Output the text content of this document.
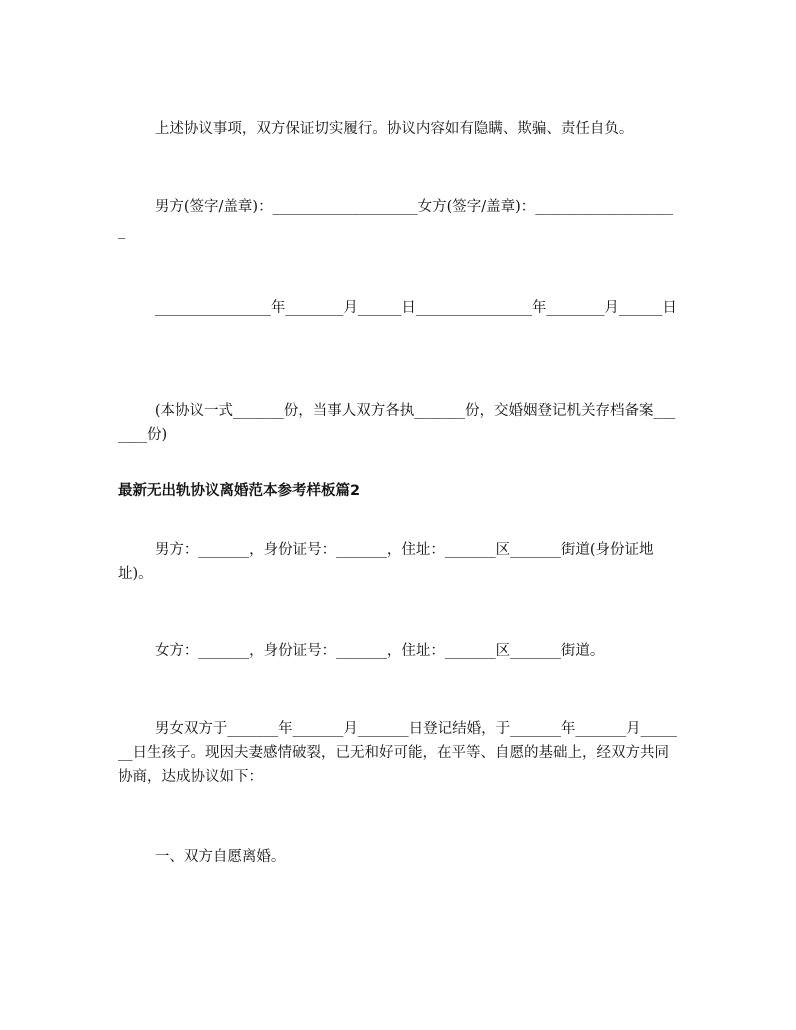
上述协议事项，双方保证切实履行。协议内容如有隐瞒、欺骗、责任自负。
男方(签字/盖章)：____________________女方(签字/盖章)：____________________
________________年________月______日________________年________月______日
(本协议一式_______份，当事人双方各执_______份，交婚姻登记机关存档备案_______份)
最新无出轨协议离婚范本参考样板篇2
男方：_______，身份证号：_______，住址：_______区_______街道(身份证地址)。
女方：_______，身份证号：_______，住址：_______区_______街道。
男女双方于_______年_______月_______日登记结婚，于_______年_______月_______日生孩子。现因夫妻感情破裂，已无和好可能，在平等、自愿的基础上，经双方共同协商，达成协议如下：
一、双方自愿离婚。
